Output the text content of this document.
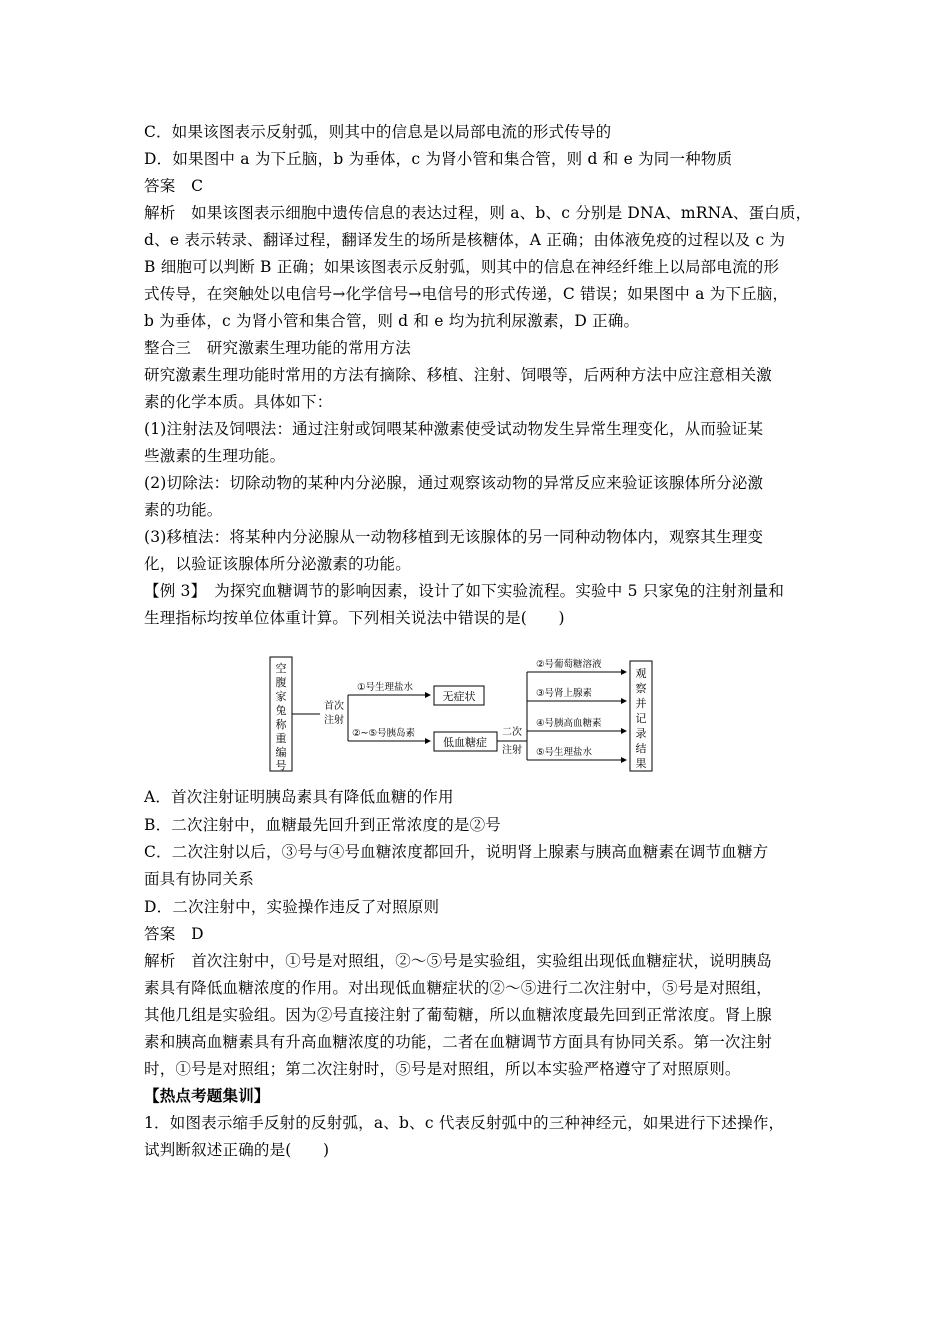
C．如果该图表示反射弧，则其中的信息是以局部电流的形式传导的
D．如果图中 a 为下丘脑，b 为垂体，c 为肾小管和集合管，则 d 和 e 为同一种物质
答案　C
解析　如果该图表示细胞中遗传信息的表达过程，则 a、b、c 分别是 DNA、mRNA、蛋白质，
d、e 表示转录、翻译过程，翻译发生的场所是核糖体，A 正确；由体液免疫的过程以及 c 为
B 细胞可以判断 B 正确；如果该图表示反射弧，则其中的信息在神经纤维上以局部电流的形
式传导，在突触处以电信号→化学信号→电信号的形式传递，C 错误；如果图中 a 为下丘脑，
b 为垂体，c 为肾小管和集合管，则 d 和 e 均为抗利尿激素，D 正确。
整合三　研究激素生理功能的常用方法
研究激素生理功能时常用的方法有摘除、移植、注射、饲喂等，后两种方法中应注意相关激
素的化学本质。具体如下：
(1)注射法及饲喂法：通过注射或饲喂某种激素使受试动物发生异常生理变化，从而验证某
些激素的生理功能。
(2)切除法：切除动物的某种内分泌腺，通过观察该动物的异常反应来验证该腺体所分泌激
素的功能。
(3)移植法：将某种内分泌腺从一动物移植到无该腺体的另一同种动物体内，观察其生理变
化，以验证该腺体所分泌激素的功能。
【例 3】　为探究血糖调节的影响因素，设计了如下实验流程。实验中 5 只家兔的注射剂量和
生理指标均按单位体重计算。下列相关说法中错误的是(　　)
A．首次注射证明胰岛素具有降低血糖的作用
B．二次注射中，血糖最先回升到正常浓度的是②号
C．二次注射以后，③号与④号血糖浓度都回升，说明肾上腺素与胰高血糖素在调节血糖方
面具有协同关系
D．二次注射中，实验操作违反了对照原则
答案　D
解析　首次注射中，①号是对照组，②～⑤号是实验组，实验组出现低血糖症状，说明胰岛
素具有降低血糖浓度的作用。对出现低血糖症状的②～⑤进行二次注射中，⑤号是对照组，
其他几组是实验组。因为②号直接注射了葡萄糖，所以血糖浓度最先回到正常浓度。肾上腺
素和胰高血糖素具有升高血糖浓度的功能，二者在血糖调节方面具有协同关系。第一次注射
时，①号是对照组；第二次注射时，⑤号是对照组，所以本实验严格遵守了对照原则。
【热点考题集训】
1．如图表示缩手反射的反射弧，a、b、c 代表反射弧中的三种神经元，如果进行下述操作，
试判断叙述正确的是(　　)
空
腹
家
兔
称
重
编
号
首次
注射
①号生理盐水
②~⑤号胰岛素
无症状
低血糖症
二次
注射
②号葡萄糖溶液
③号肾上腺素
④号胰高血糖素
⑤号生理盐水
观
察
并
记
录
结
果
